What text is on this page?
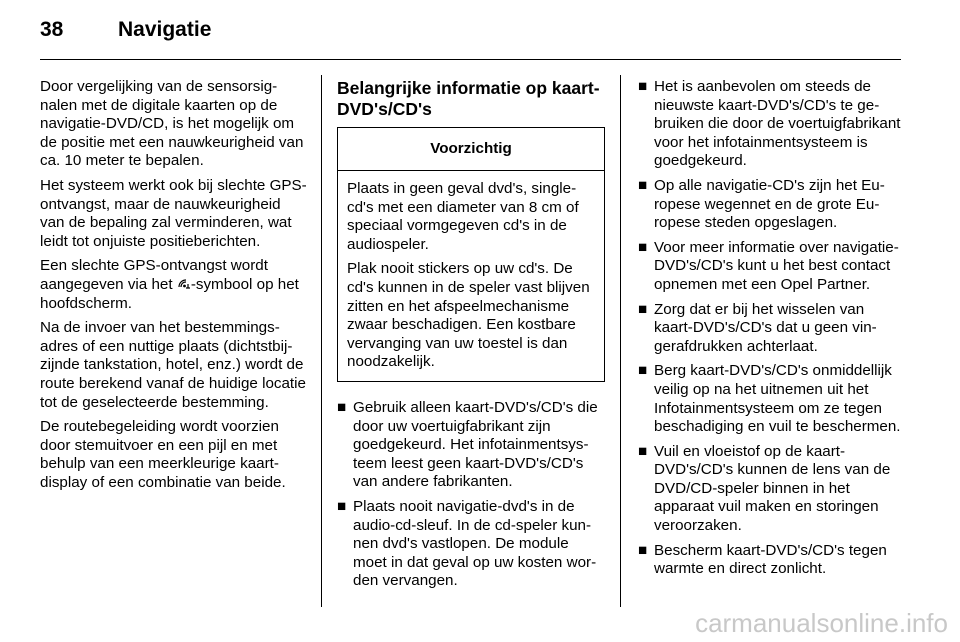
38	Navigatie

Door vergelijking van de sensorsignalen met de digitale kaarten op de navigatie-DVD/CD, is het mogelijk om de positie met een nauwkeurigheid van ca. 10 meter te bepalen.

Het systeem werkt ook bij slechte GPS-ontvangst, maar de nauwkeurigheid van de bepaling zal verminderen, wat leidt tot onjuiste positieberichten.

Een slechte GPS-ontvangst wordt aangegeven via het -symbool op het hoofdscherm.

Na de invoer van het bestemmingsadres of een nuttige plaats (dichtstbijzijnde tankstation, hotel, enz.) wordt de route berekend vanaf de huidige locatie tot de geselecteerde bestemming.

De routebegeleiding wordt voorzien door stemuitvoer en een pijl en met behulp van een meerkleurige kaartdisplay of een combinatie van beide.

Belangrijke informatie op kaart-DVD's/CD's
Voorzichtig

Plaats in geen geval dvd's, single-cd's met een diameter van 8 cm of speciaal vormgegeven cd's in de audiospeler.

Plak nooit stickers op uw cd's. De cd's kunnen in de speler vast blijven zitten en het afspeelmechanisme zwaar beschadigen. Een kostbare vervanging van uw toestel is dan noodzakelijk.

■ Gebruik alleen kaart-DVD's/CD's die door uw voertuigfabrikant zijn goedgekeurd. Het infotainmentsysteem leest geen kaart-DVD's/CD's van andere fabrikanten.
■ Plaats nooit navigatie-dvd's in de audio-cd-sleuf. In de cd-speler kunnen dvd's vastlopen. De module moet in dat geval op uw kosten worden vervangen.
■ Het is aanbevolen om steeds de nieuwste kaart-DVD's/CD's te gebruiken die door de voertuigfabrikant voor het infotainmentsysteem is goedgekeurd.
■ Op alle navigatie-CD's zijn het Europese wegennet en de grote Europese steden opgeslagen.
■ Voor meer informatie over navigatie-DVD's/CD's kunt u het best contact opnemen met een Opel Partner.
■ Zorg dat er bij het wisselen van kaart-DVD's/CD's dat u geen vingerafdrukken achterlaat.
■ Berg kaart-DVD's/CD's onmiddellijk veilig op na het uitnemen uit het Infotainmentsysteem om ze tegen beschadiging en vuil te beschermen.
■ Vuil en vloeistof op de kaart-DVD's/CD's kunnen de lens van de DVD/CD-speler binnen in het apparaat vuil maken en storingen veroorzaken.
■ Bescherm kaart-DVD's/CD's tegen warmte en direct zonlicht.
carmanualsonline.info
